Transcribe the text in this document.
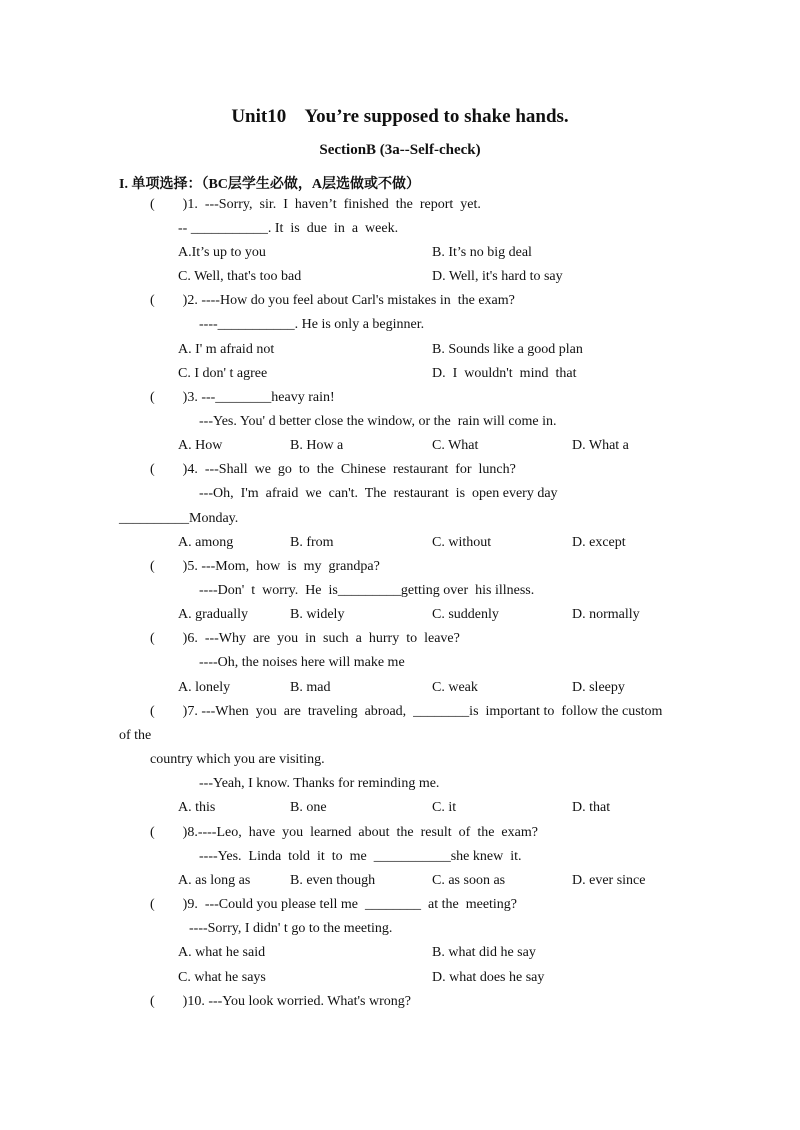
Unit10    You’re supposed to shake hands.
SectionB (3a--Self-check)
I. 单项选择：（BC层学生必做，A层选做或不做）
(        )1.  ---Sorry,  sir.  I  haven’t  finished  the  report  yet.
-- ___________. It  is  due  in  a  week.
A.It’s up to you	B. It’s no big deal
C. Well, that's too bad	D. Well, it's hard to say
(        )2. ----How do you feel about Carl's mistakes in  the exam?
----___________. He is only a beginner.
A. I' m afraid not	B. Sounds like a good plan
C. I don' t agree	D.  I  wouldn't  mind  that
(        )3. ---________heavy rain!
---Yes. You' d better close the window, or the  rain will come in.
A. How	B. How a	C. What	D. What a
(        )4.  ---Shall  we  go  to  the  Chinese  restaurant  for  lunch?
---Oh,  I'm  afraid  we  can't.  The  restaurant  is  open every day
__________Monday.
A. among	B. from	C. without	D. except
(        )5. ---Mom,  how  is  my  grandpa?
----Don'  t  worry.  He  is_________getting over  his illness.
A. gradually	B. widely	C. suddenly	D. normally
(        )6.  ---Why  are  you  in  such  a  hurry  to  leave?
----Oh, the noises here will make me
A. lonely	B. mad	C. weak	D. sleepy
(        )7. ---When  you  are  traveling  abroad,  ________is  important to  follow the custom
of the
country which you are visiting.
---Yeah, I know. Thanks for reminding me.
A. this	B. one	C. it	D. that
(        )8.----Leo,  have  you  learned  about  the  result  of  the  exam?
----Yes.  Linda  told  it  to  me  ___________she knew  it.
A. as long as	B. even though	C. as soon as	D. ever since
(        )9.  ---Could you please tell me  ________  at the  meeting?
----Sorry, I didn' t go to the meeting.
A. what he said	B. what did he say
C. what he says	D. what does he say
(        )10. ---You look worried. What's wrong?
